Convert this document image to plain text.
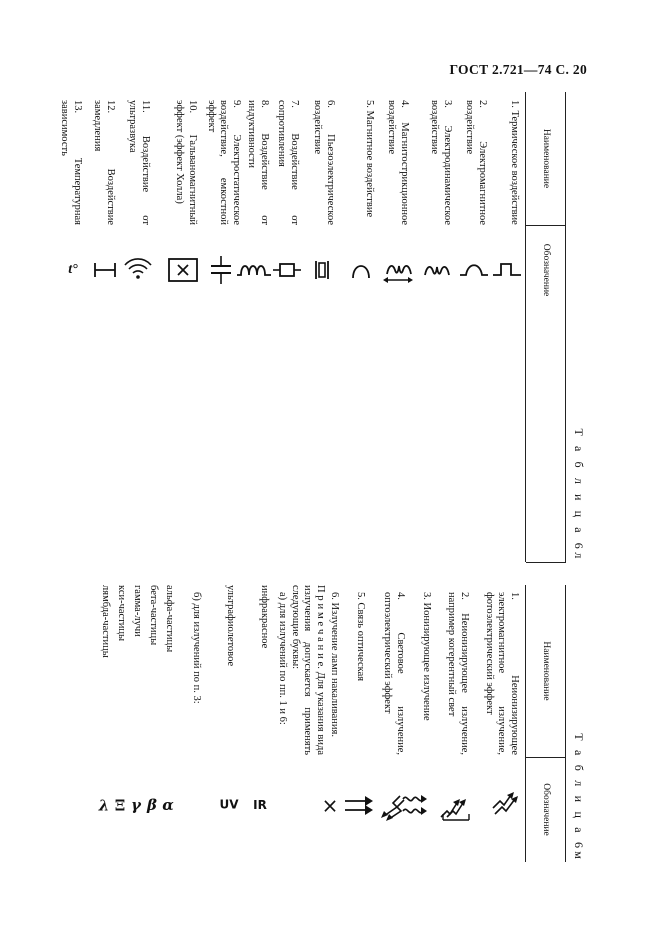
ГОСТ 2.721—74 С. 20
Т а б л и ц а 6л
Т а б л и ц а 6м
Наименование
Обозначение
Наименование
Обозначение
1. Термическое воздействие
2. Электромагнитное воздействие
3. Электродинамическое воздействие
4. Магнитострикционное воздействие
5. Магнитное воздействие
6. Пьезоэлектрическое воздействие
7. Воздействие от сопротивления
8. Воздействие от индуктивности
9. Электростатическое воздействие, емкостной эффект
10. Гальваномагнитный эффект (эффект Холла)
11. Воздействие от ультразвука
12. Воздействие замедления
13. Температурная зависимость
t°
1. Неионизирующее электромагнитное излучение, фотоэлектрический эффект
2. Неионизирующее излучение, например когерентный свет
3. Ионизирующее излучение
4. Световое излучение, оптоэлектрический эффект
5. Связь оптическая
6. Излучение ламп накаливания.
П р и м е ч а н и е. Для указания вида излучения допускается применять следующие буквы:
а) для излучений по пп. 1 и 6:
инфракрасное
ультрафиолетовое
б) для излучений по п. 3:
альфа-частицы
бета-частицы
гамма-лучи
кси-частицы
лямбда-частицы
×
IR
UV
α
β
γ
Ξ
λ
